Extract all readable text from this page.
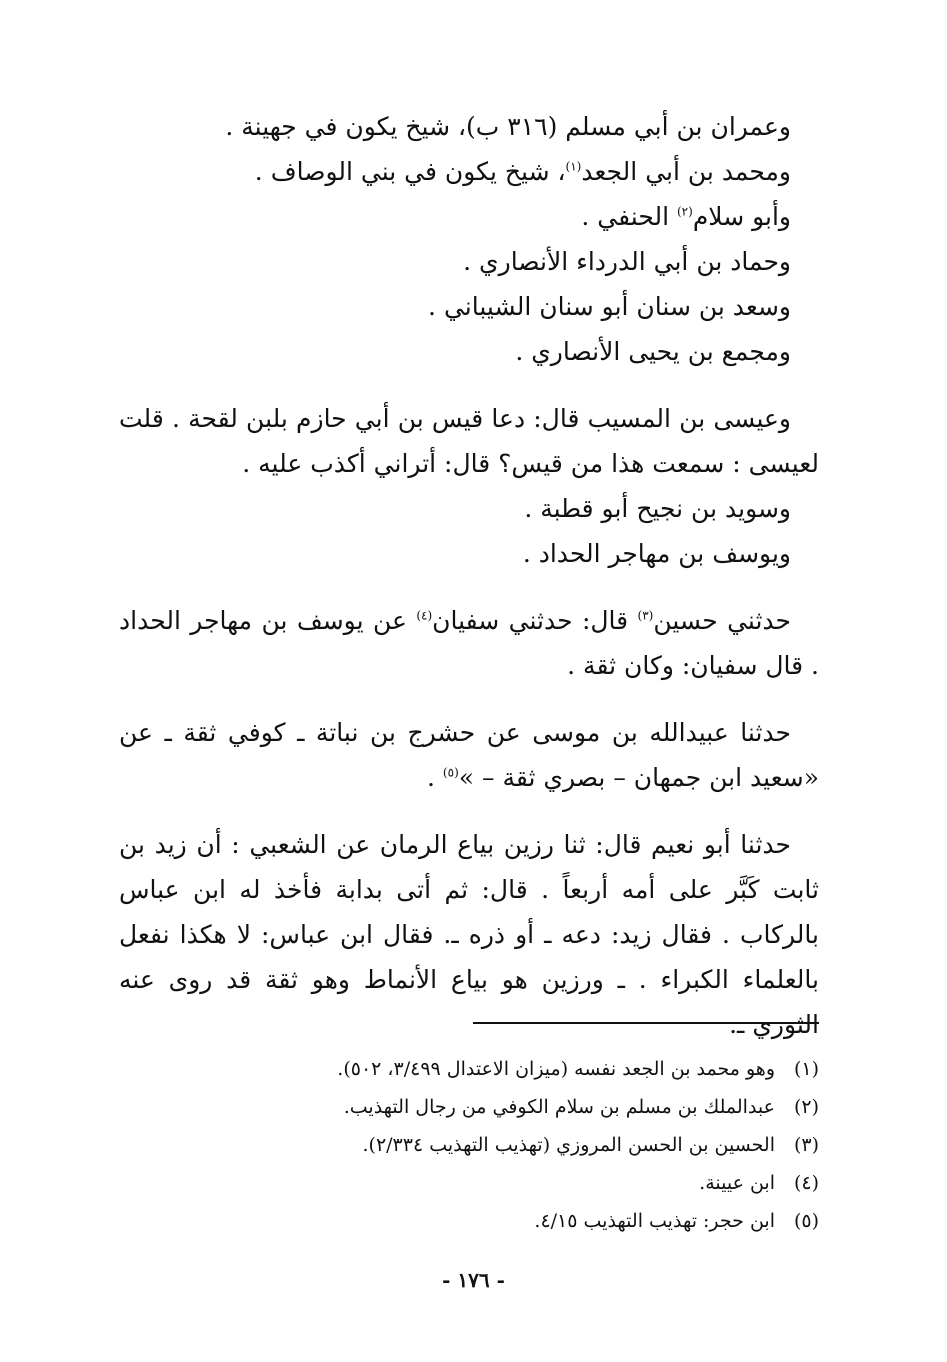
وعمران بن أبي مسلم (٣١٦ ب)، شيخ يكون في جهينة .

ومحمد بن أبي الجعد$^{(١)}$، شيخ يكون في بني الوصاف .

وأبو سلام$^{(٢)}$ الحنفي .

وحماد بن أبي الدرداء الأنصاري .

وسعد بن سنان أبو سنان الشيباني .

ومجمع بن يحيى الأنصاري .

وعيسى بن المسيب قال: دعا قيس بن أبي حازم بلبن لقحة . قلت لعيسى : سمعت هذا من قيس؟ قال: أتراني أكذب عليه .

وسويد بن نجيح أبو قطبة .

ويوسف بن مهاجر الحداد .

حدثني حسين$^{(٣)}$ قال: حدثني سفيان$^{(٤)}$ عن يوسف بن مهاجر الحداد . قال سفيان: وكان ثقة .

حدثنا عبيدالله بن موسى عن حشرج بن نباتة ـ كوفي ثقة ـ عن «سعيد ابن جمهان – بصري ثقة – »$^{(٥)}$ .

حدثنا أبو نعيم قال: ثنا رزين بياع الرمان عن الشعبي : أن زيد بن ثابت كَبَّر على أمه أربعاً . قال: ثم أتى بدابة فأخذ له ابن عباس بالركاب . فقال زيد: دعه ـ أو ذره ـ. فقال ابن عباس: لا هكذا نفعل بالعلماء الكبراء . ـ ورزين هو بياع الأنماط وهو ثقة قد روى عنه الثوري ـ.

(١)وهو محمد بن الجعد نفسه (ميزان الاعتدال ٣/٤٩٩، ٥٠٢).

(٢)عبدالملك بن مسلم بن سلام الكوفي من رجال التهذيب.

(٣)الحسين بن الحسن المروزي (تهذيب التهذيب ٢/٣٣٤).

(٤)ابن عيينة.

(٥)ابن حجر: تهذيب التهذيب ٤/١٥.

- ١٧٦ -
